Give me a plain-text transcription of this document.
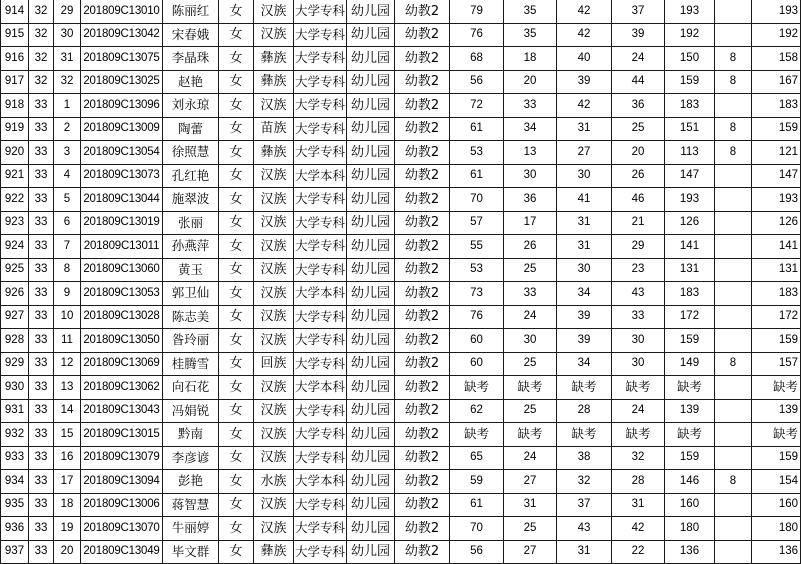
914	32	29	201809C13010	陈丽红	女	汉族	大学专科	幼儿园	幼教2	79	35	42	37	193		193
915	32	30	201809C13042	宋春娥	女	汉族	大学专科	幼儿园	幼教2	76	35	42	39	192		192
916	32	31	201809C13075	李晶珠	女	彝族	大学专科	幼儿园	幼教2	68	18	40	24	150	8	158
917	32	32	201809C13025	赵艳	女	彝族	大学专科	幼儿园	幼教2	56	20	39	44	159	8	167
918	33	1	201809C13096	刘永琼	女	汉族	大学专科	幼儿园	幼教2	72	33	42	36	183		183
919	33	2	201809C13009	陶蕾	女	苗族	大学专科	幼儿园	幼教2	61	34	31	25	151	8	159
920	33	3	201809C13054	徐照慧	女	彝族	大学专科	幼儿园	幼教2	53	13	27	20	113	8	121
921	33	4	201809C13073	孔红艳	女	汉族	大学本科	幼儿园	幼教2	61	30	30	26	147		147
922	33	5	201809C13044	施翠波	女	汉族	大学专科	幼儿园	幼教2	70	36	41	46	193		193
923	33	6	201809C13019	张丽	女	汉族	大学专科	幼儿园	幼教2	57	17	31	21	126		126
924	33	7	201809C13011	孙燕萍	女	汉族	大学专科	幼儿园	幼教2	55	26	31	29	141		141
925	33	8	201809C13060	黄玉	女	汉族	大学专科	幼儿园	幼教2	53	25	30	23	131		131
926	33	9	201809C13053	郭卫仙	女	汉族	大学本科	幼儿园	幼教2	73	33	34	43	183		183
927	33	10	201809C13028	陈志美	女	汉族	大学专科	幼儿园	幼教2	76	24	39	33	172		172
928	33	11	201809C13050	昝玲丽	女	汉族	大学专科	幼儿园	幼教2	60	30	39	30	159		159
929	33	12	201809C13069	桂腾雪	女	回族	大学专科	幼儿园	幼教2	60	25	34	30	149	8	157
930	33	13	201809C13062	向石花	女	汉族	大学本科	幼儿园	幼教2	缺考	缺考	缺考	缺考	缺考		缺考
931	33	14	201809C13043	冯娟锐	女	汉族	大学专科	幼儿园	幼教2	62	25	28	24	139		139
932	33	15	201809C13015	黔南	女	汉族	大学专科	幼儿园	幼教2	缺考	缺考	缺考	缺考	缺考		缺考
933	33	16	201809C13079	李彦谚	女	汉族	大学专科	幼儿园	幼教2	65	24	38	32	159		159
934	33	17	201809C13094	彭艳	女	水族	大学本科	幼儿园	幼教2	59	27	32	28	146	8	154
935	33	18	201809C13006	蒋智慧	女	汉族	大学专科	幼儿园	幼教2	61	31	37	31	160		160
936	33	19	201809C13070	牛丽婷	女	汉族	大学专科	幼儿园	幼教2	70	25	43	42	180		180
937	33	20	201809C13049	毕文群	女	彝族	大学专科	幼儿园	幼教2	56	27	31	22	136		136
